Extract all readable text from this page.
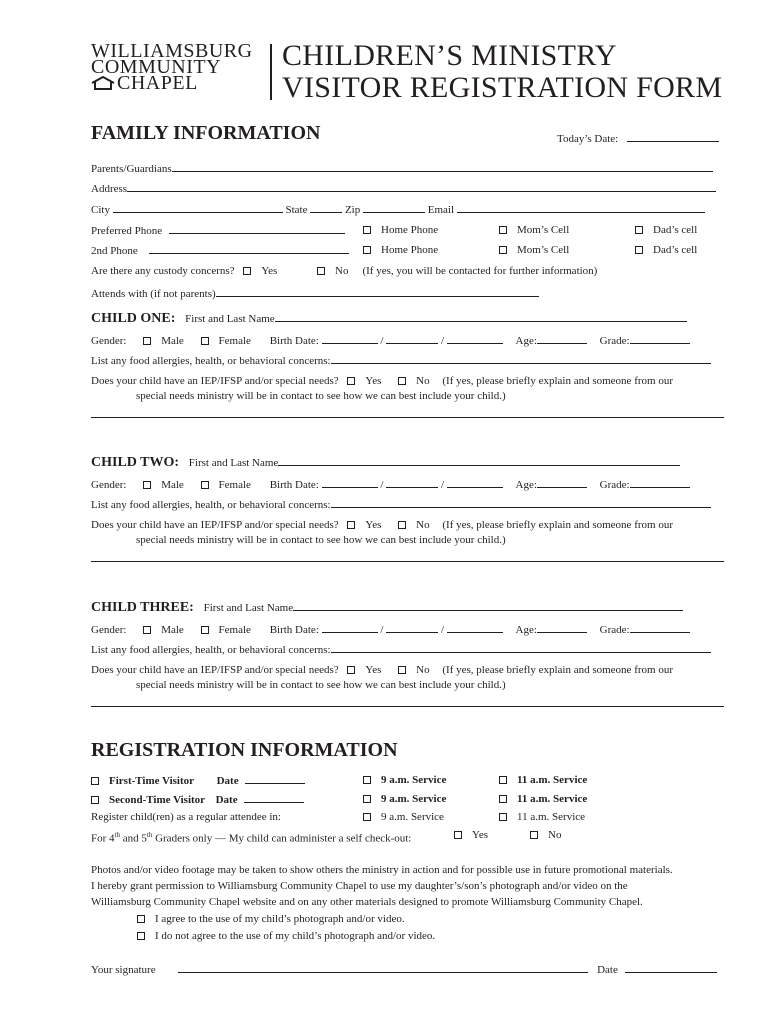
WILLIAMSBURG
COMMUNITY
CHAPEL
CHILDREN’S MINISTRY
VISITOR REGISTRATION FORM
FAMILY INFORMATION	Today’s Date:
Parents/Guardians
Address
City	State	Zip	Email
Preferred Phone	Home Phone	Mom’s Cell	Dad’s cell
2nd Phone	Home Phone	Mom’s Cell	Dad’s cell
Are there any custody concerns? Yes	No (If yes, you will be contacted for further information)
Attends with (if not parents)
CHILD ONE: First and Last Name
Gender:	Male	Female Birth Date:	/	/	Age:	Grade:
List any food allergies, health, or behavioral concerns:
Does your child have an IEP/IFSP and/or special needs? Yes	No (If yes, please briefly explain and someone from our
special needs ministry will be in contact to see how we can best include your child.)
CHILD TWO: First and Last Name
Gender:	Male	Female Birth Date:	/	/	Age:	Grade:
List any food allergies, health, or behavioral concerns:
Does your child have an IEP/IFSP and/or special needs? Yes	No (If yes, please briefly explain and someone from our
special needs ministry will be in contact to see how we can best include your child.)
CHILD THREE: First and Last Name
Gender:	Male	Female Birth Date:	/	/	Age:	Grade:
List any food allergies, health, or behavioral concerns:
Does your child have an IEP/IFSP and/or special needs? Yes	No (If yes, please briefly explain and someone from our
special needs ministry will be in contact to see how we can best include your child.)
REGISTRATION INFORMATION
First-Time Visitor Date	9 a.m. Service	11 a.m. Service
Second-Time Visitor Date	9 a.m. Service	11 a.m. Service
Register child(ren) as a regular attendee in:	9 a.m. Service	11 a.m. Service
For 4th and 5th Graders only — My child can administer a self check-out:	Yes	No
Photos and/or video footage may be taken to show others the ministry in action and for possible use in future promotional materials.
I hereby grant permission to Williamsburg Community Chapel to use my daughter’s/son’s photograph and/or video on the
Williamsburg Community Chapel website and on any other materials designed to promote Williamsburg Community Chapel.
I agree to the use of my child’s photograph and/or video.
I do not agree to the use of my child’s photograph and/or video.
Your signature	Date
